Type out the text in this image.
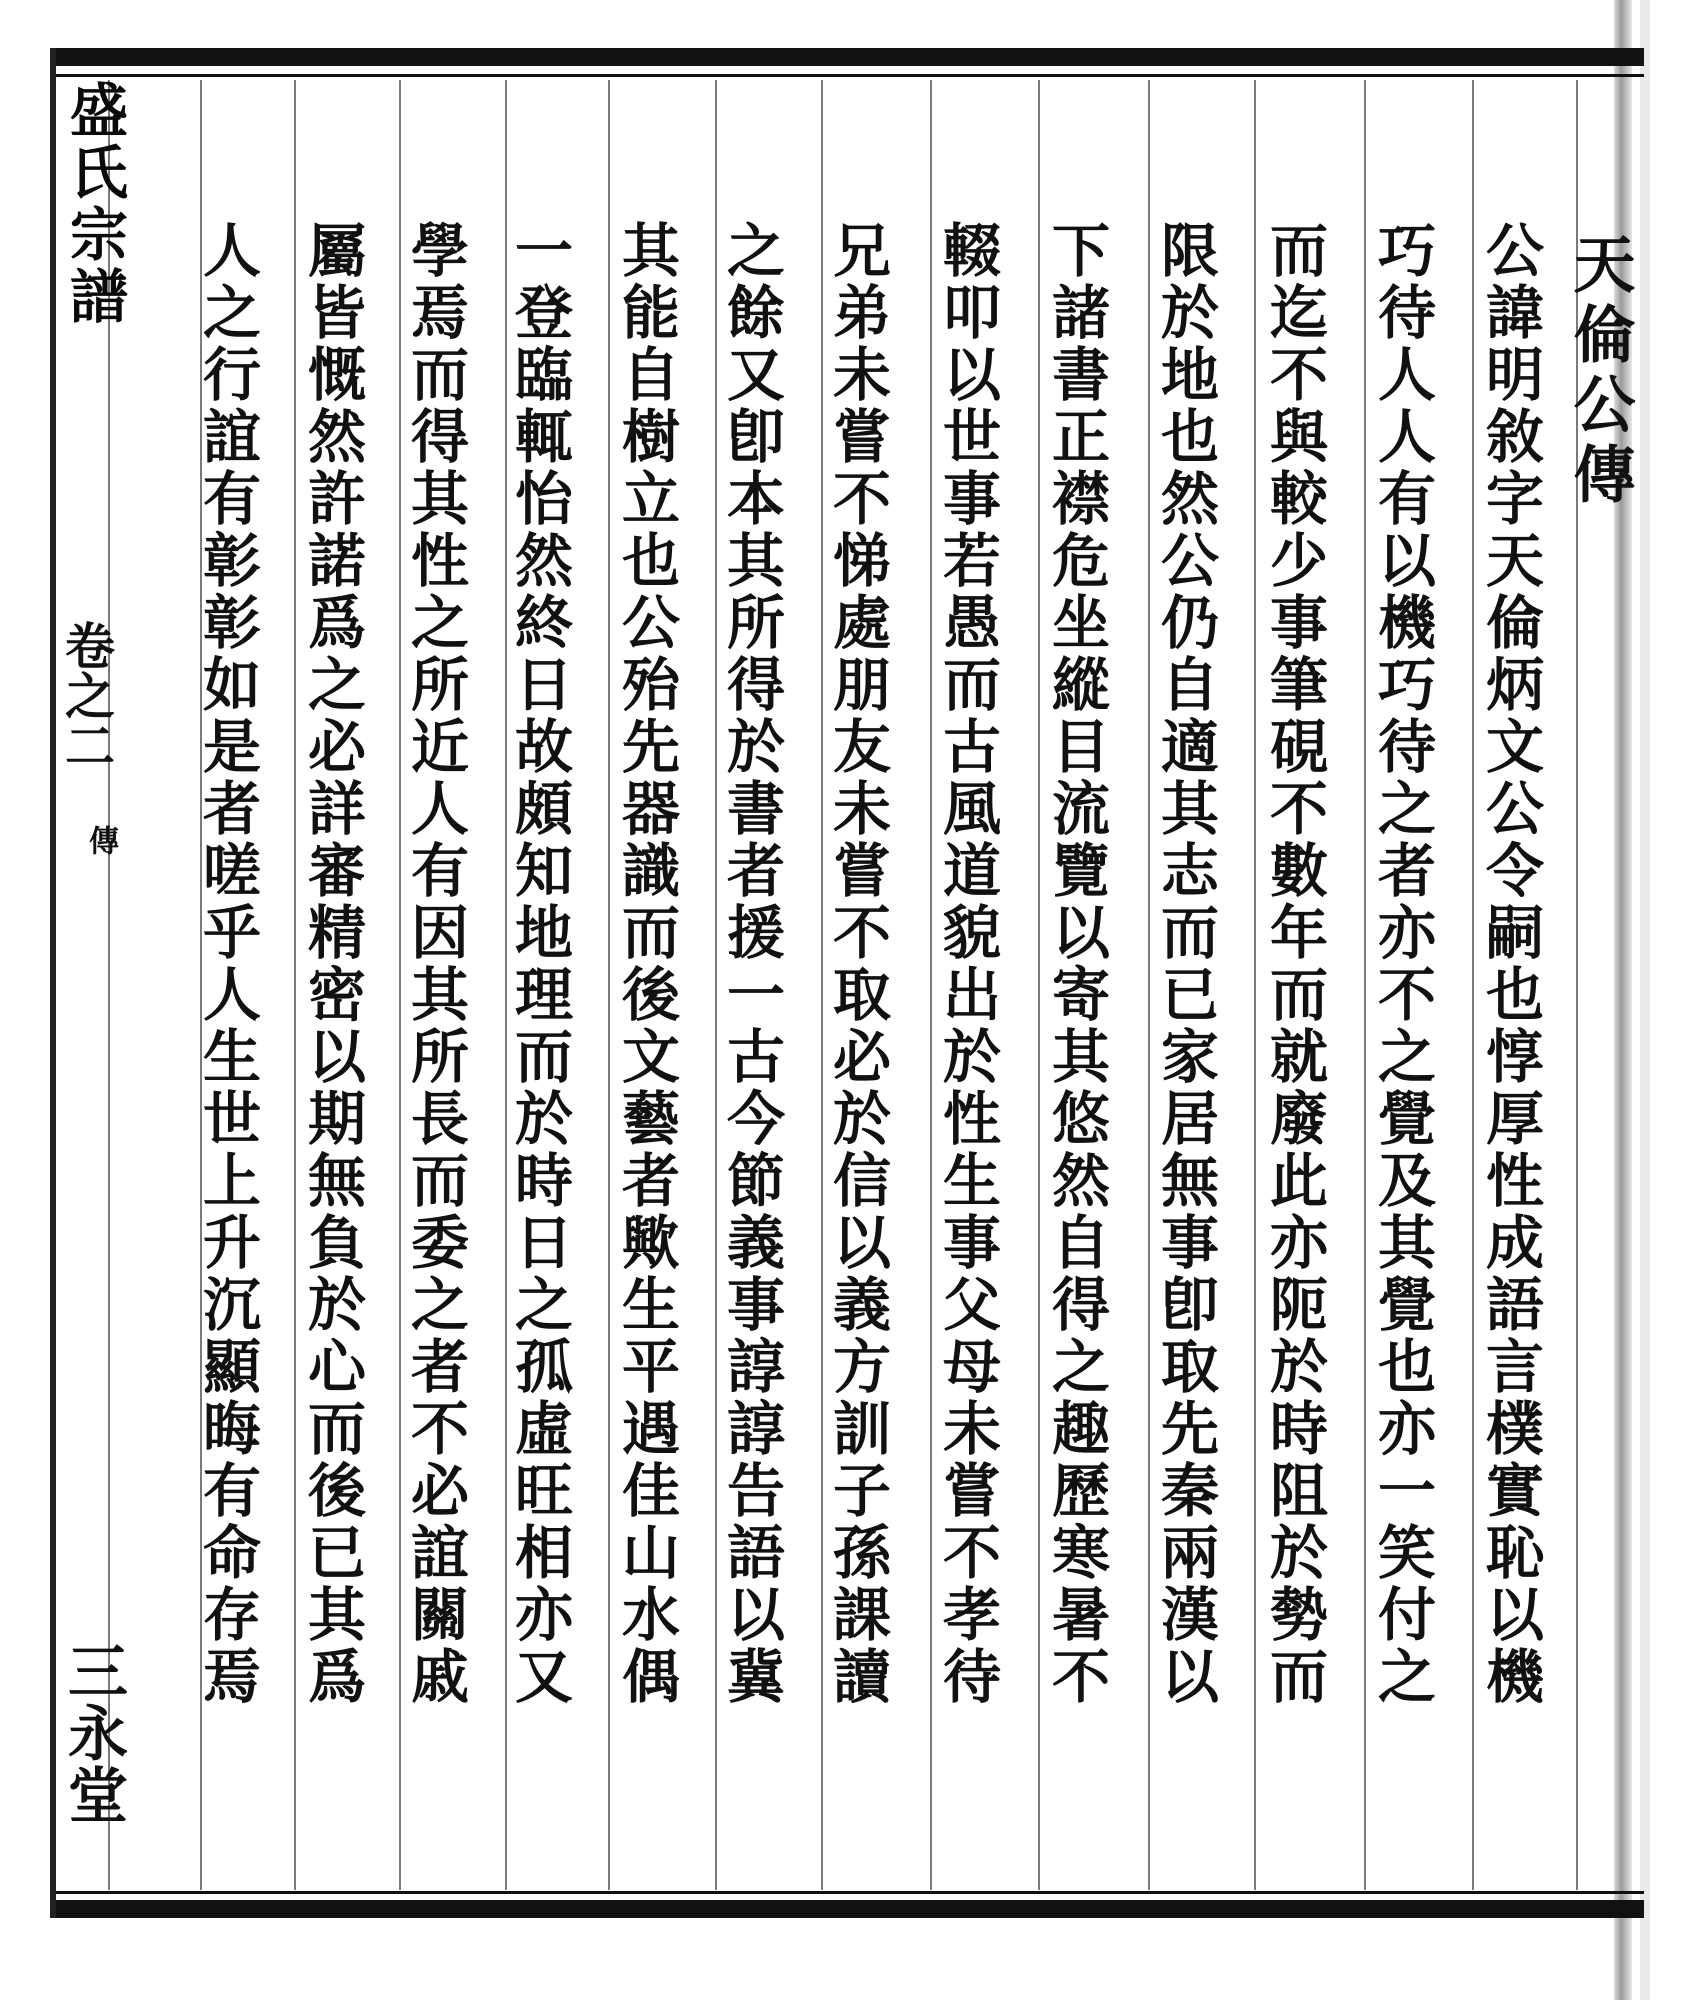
盛氏宗譜
卷之二
傳
三永堂
天倫公傳
公諱明敘字天倫炳文公令嗣也惇厚性成語言樸實恥以機
巧待人人有以機巧待之者亦不之覺及其覺也亦一笑付之
而迄不與較少事筆硯不數年而就廢此亦阨於時阻於勢而
限於地也然公仍自適其志而已家居無事卽取先秦兩漢以
下諸書正襟危坐縱目流覽以寄其悠然自得之趣歷寒暑不
輟叩以世事若愚而古風道貌出於性生事父母未嘗不孝待
兄弟未嘗不悌處朋友未嘗不取必於信以義方訓子孫課讀
之餘又卽本其所得於書者援一古今節義事諄諄告語以冀
其能自樹立也公殆先器識而後文藝者歟生平遇佳山水偶
一登臨輒怡然終日故頗知地理而於時日之孤虛旺相亦又
學焉而得其性之所近人有因其所長而委之者不必誼關戚
屬皆慨然許諾爲之必詳審精密以期無負於心而後已其爲
人之行誼有彰彰如是者嗟乎人生世上升沉顯晦有命存焉
